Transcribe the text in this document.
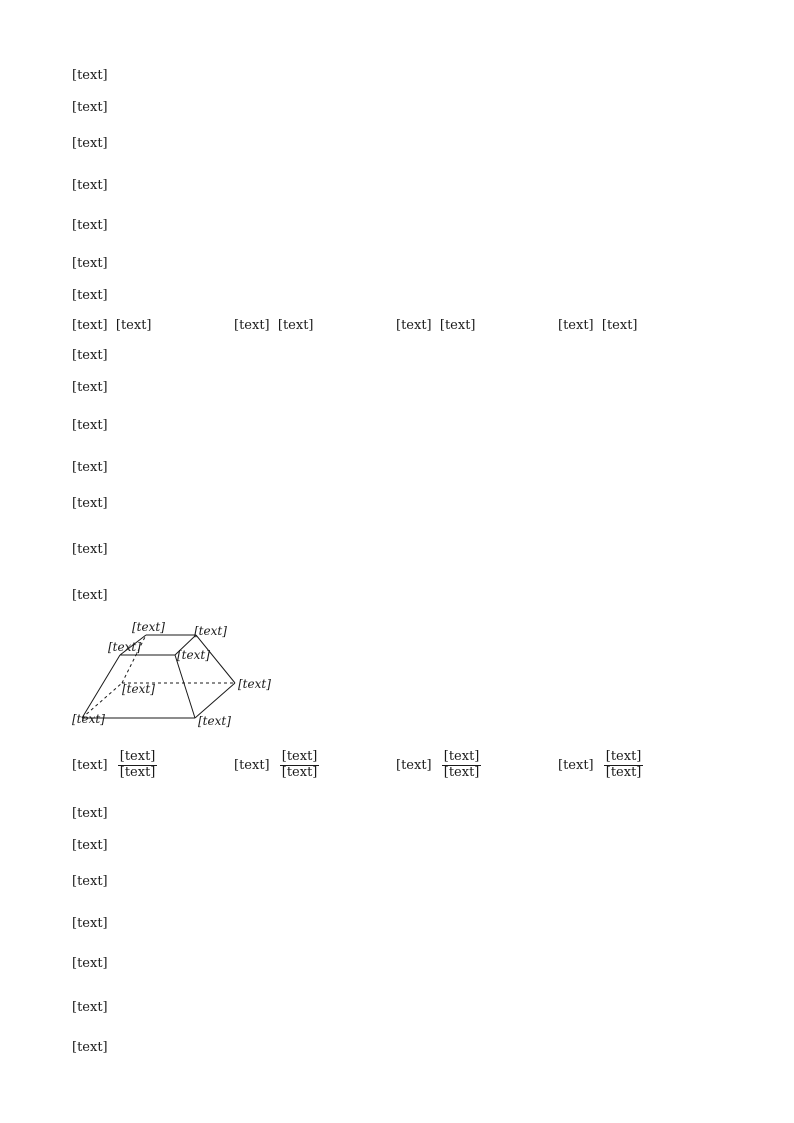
[text]
[text]
[text]
[text]
[text]
[text]
[text]
[text] [text]	[text] [text]	[text] [text]	[text] [text]
[text]
[text]
[text]
[text]
[text]
[text]
[text]
[text] [text]
[text]
[text]
[text]	[text]
[text]	[text]
[text] $\frac{\text{[text]}}{\text{[text]}}$	[text] $\frac{\text{[text]}}{\text{[text]}}$	[text] $\frac{\text{[text]}}{\text{[text]}}$	[text] $\frac{\text{[text]}}{\text{[text]}}$
[text]
[text]
[text]
[text]
[text]
[text]
[text]
